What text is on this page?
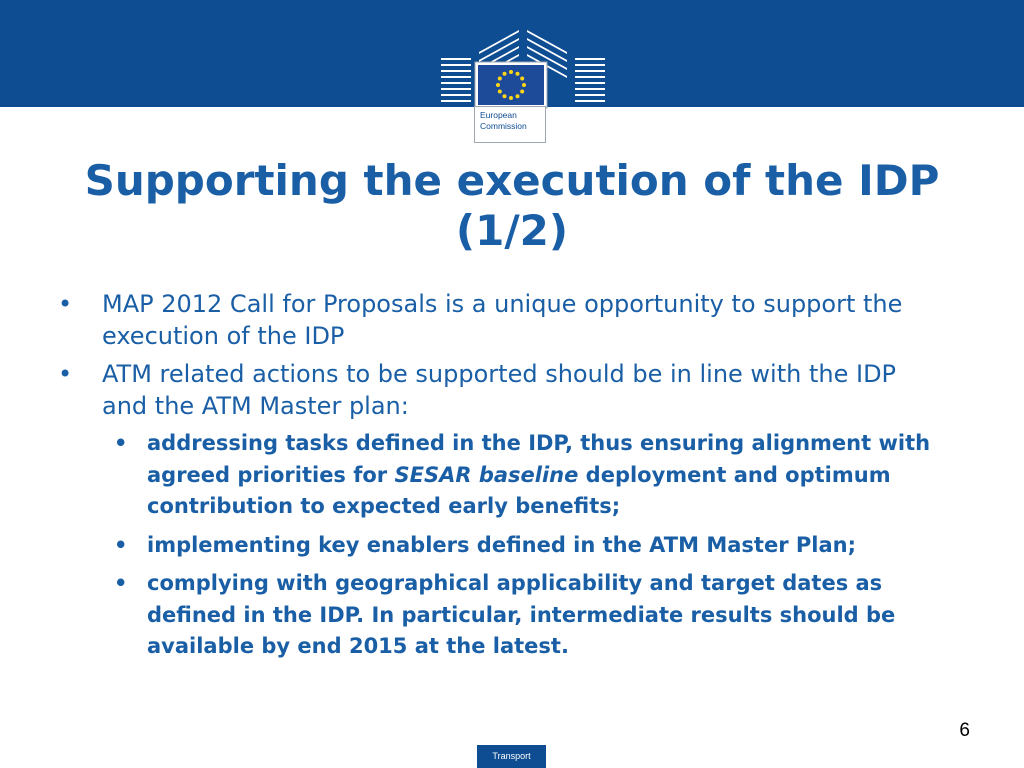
European
Commission
Supporting the execution of the IDP
(1/2)
• MAP 2012 Call for Proposals is a unique opportunity to support the execution of the IDP
• ATM related actions to be supported should be in line with the IDP and the ATM Master plan:
• addressing tasks defined in the IDP, thus ensuring alignment with agreed priorities for SESAR baseline deployment and optimum contribution to expected early benefits;
• implementing key enablers defined in the ATM Master Plan;
• complying with geographical applicability and target dates as defined in the IDP. In particular, intermediate results should be available by end 2015 at the latest.
6
Transport
